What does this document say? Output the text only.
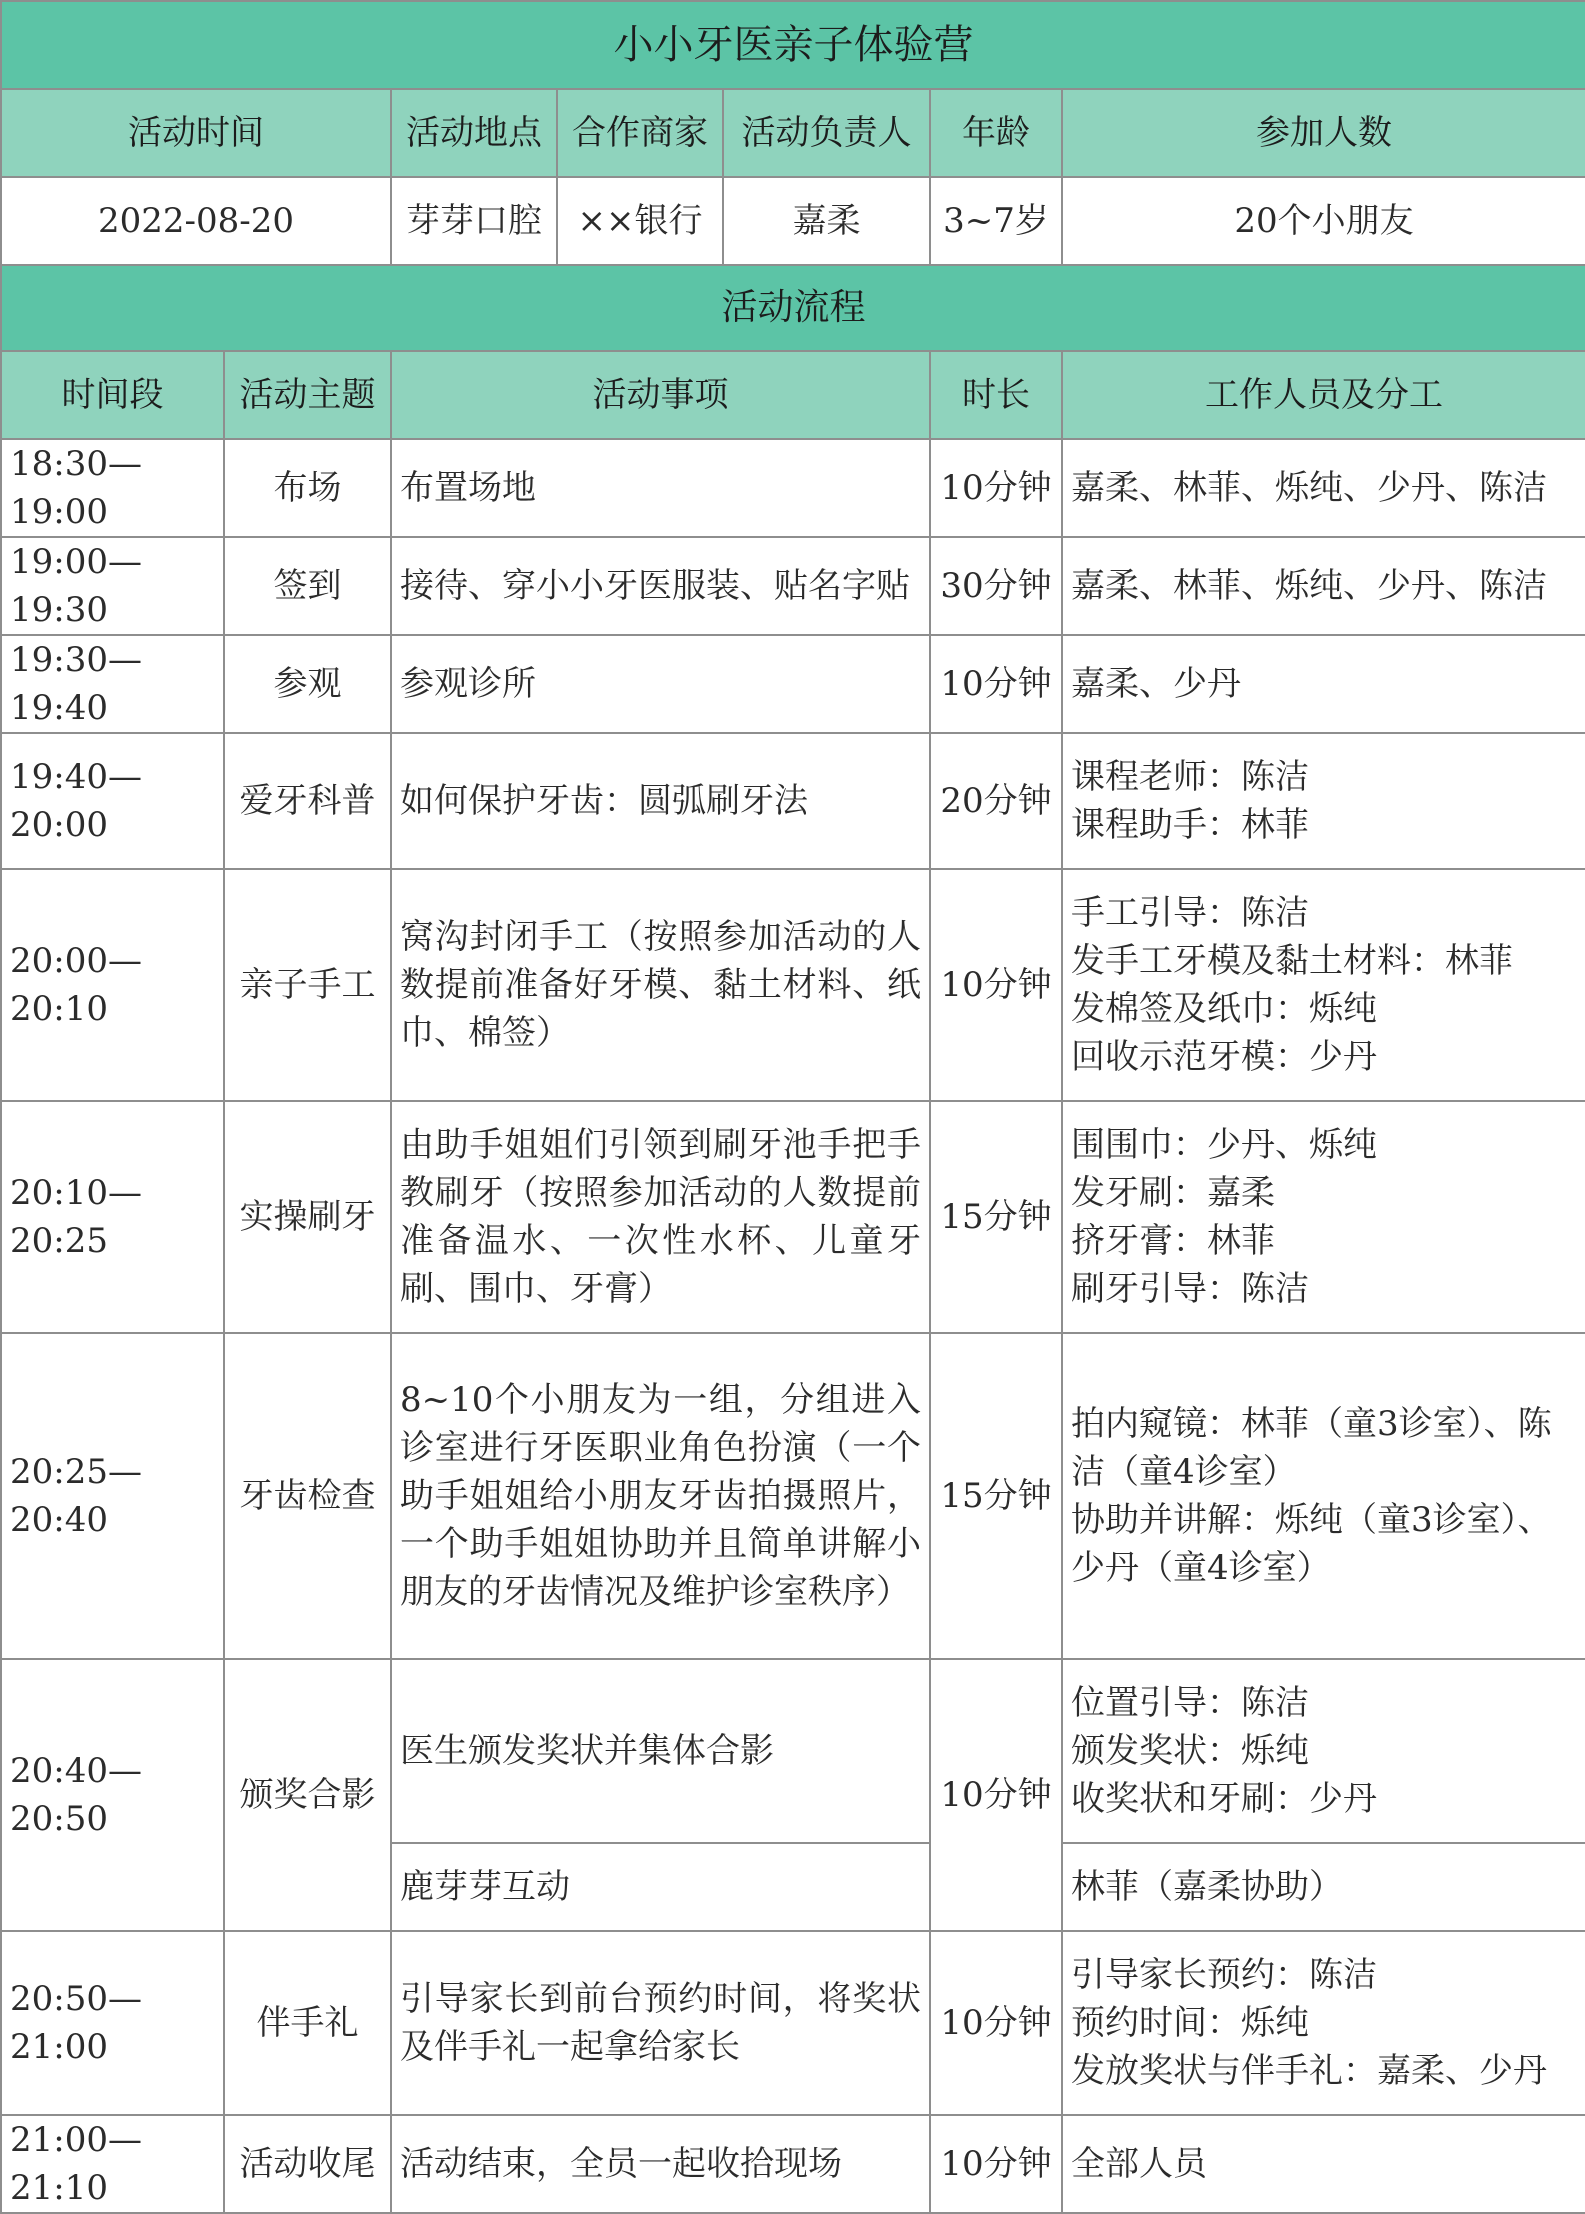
小小牙医亲子体验营						
活动时间		活动地点	合作商家	活动负责人	年龄	参加人数
2022-08-20		芽芽口腔	××银行	嘉柔	3~7岁	20个小朋友
活动流程						
时间段	活动主题	活动事项			时长	工作人员及分工
18:30—19:00	布场	布置场地			10分钟	嘉柔、林菲、烁纯、少丹、陈洁
19:00—19:30	签到	接待、穿小小牙医服装、贴名字贴			30分钟	嘉柔、林菲、烁纯、少丹、陈洁
19:30—19:40	参观	参观诊所			10分钟	嘉柔、少丹
19:40—20:00	爱牙科普	如何保护牙齿：圆弧刷牙法			20分钟	课程老师：陈洁
课程助手：林菲
20:00—20:10	亲子手工	窝沟封闭手工（按照参加活动的人数提前准备好牙模、黏土材料、纸巾、棉签）			10分钟	手工引导：陈洁
发手工牙模及黏土材料：林菲
发棉签及纸巾：烁纯
回收示范牙模：少丹
20:10—20:25	实操刷牙	由助手姐姐们引领到刷牙池手把手教刷牙（按照参加活动的人数提前准备温水、一次性水杯、儿童牙刷、围巾、牙膏）			15分钟	围围巾：少丹、烁纯
发牙刷：嘉柔
挤牙膏：林菲
刷牙引导：陈洁
20:25—20:40	牙齿检查	8~10个小朋友为一组，分组进入诊室进行牙医职业角色扮演（一个助手姐姐给小朋友牙齿拍摄照片，一个助手姐姐协助并且简单讲解小朋友的牙齿情况及维护诊室秩序）			15分钟	拍内窥镜：林菲（童3诊室）、陈洁（童4诊室）
协助并讲解：烁纯（童3诊室）、少丹（童4诊室）
20:40—20:50	颁奖合影	医生颁发奖状并集体合影			10分钟	位置引导：陈洁
颁发奖状：烁纯
收奖状和牙刷：少丹
		鹿芽芽互动				林菲（嘉柔协助）
20:50—21:00	伴手礼	引导家长到前台预约时间，将奖状及伴手礼一起拿给家长			10分钟	引导家长预约：陈洁
预约时间：烁纯
发放奖状与伴手礼：嘉柔、少丹
21:00—21:10	活动收尾	活动结束，全员一起收拾现场			10分钟	全部人员
